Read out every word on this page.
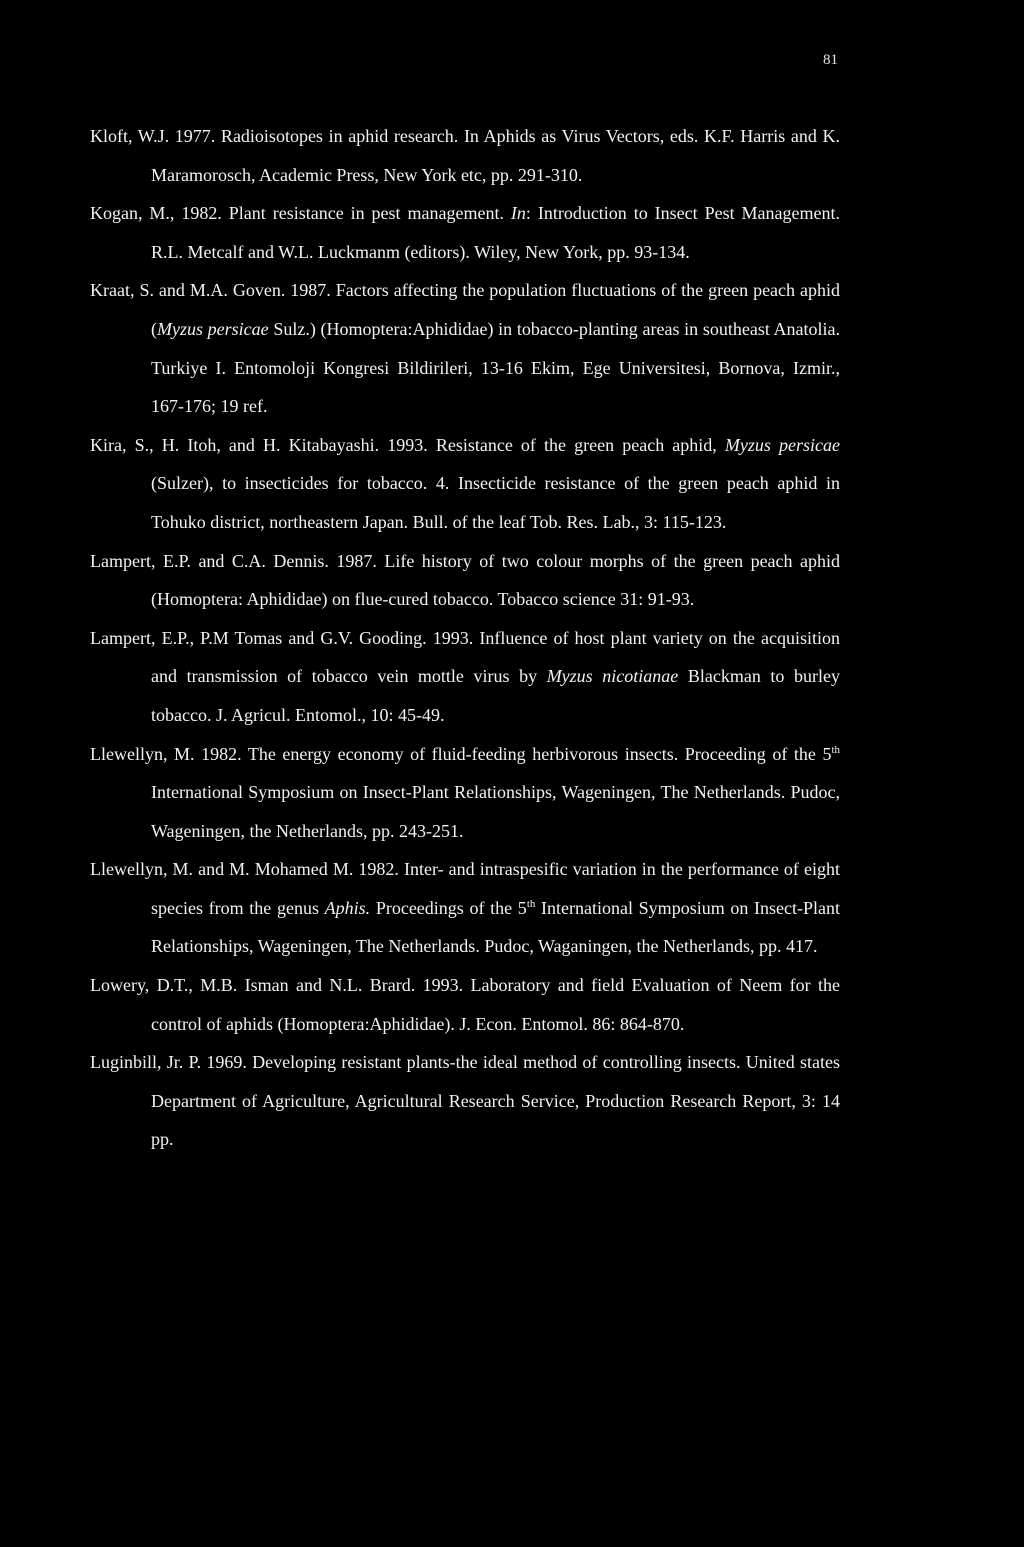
81

Kloft, W.J. 1977. Radioisotopes in aphid research. In Aphids as Virus Vectors, eds. K.F. Harris and K. Maramorosch, Academic Press, New York etc, pp. 291-310.

Kogan, M., 1982. Plant resistance in pest management. In: Introduction to Insect Pest Management. R.L. Metcalf and W.L. Luckmanm (editors). Wiley, New York, pp. 93-134.

Kraat, S. and M.A. Goven. 1987. Factors affecting the population fluctuations of the green peach aphid (Myzus persicae Sulz.) (Homoptera:Aphididae) in tobacco-planting areas in southeast Anatolia. Turkiye I. Entomoloji Kongresi Bildirileri, 13-16 Ekim, Ege Universitesi, Bornova, Izmir., 167-176; 19 ref.

Kira, S., H. Itoh, and H. Kitabayashi. 1993. Resistance of the green peach aphid, Myzus persicae (Sulzer), to insecticides for tobacco. 4. Insecticide resistance of the green peach aphid in Tohuko district, northeastern Japan. Bull. of the leaf Tob. Res. Lab., 3: 115-123.

Lampert, E.P. and C.A. Dennis. 1987. Life history of two colour morphs of the green peach aphid (Homoptera: Aphididae) on flue-cured tobacco. Tobacco science 31: 91-93.

Lampert, E.P., P.M Tomas and G.V. Gooding. 1993. Influence of host plant variety on the acquisition and transmission of tobacco vein mottle virus by Myzus nicotianae Blackman to burley tobacco. J. Agricul. Entomol., 10: 45-49.

Llewellyn, M. 1982. The energy economy of fluid-feeding herbivorous insects. Proceeding of the 5th International Symposium on Insect-Plant Relationships, Wageningen, The Netherlands. Pudoc, Wageningen, the Netherlands, pp. 243-251.

Llewellyn, M. and M. Mohamed M. 1982. Inter- and intraspesific variation in the performance of eight species from the genus Aphis. Proceedings of the 5th International Symposium on Insect-Plant Relationships, Wageningen, The Netherlands. Pudoc, Waganingen, the Netherlands, pp. 417.

Lowery, D.T., M.B. Isman and N.L. Brard. 1993. Laboratory and field Evaluation of Neem for the control of aphids (Homoptera:Aphididae). J. Econ. Entomol. 86: 864-870.

Luginbill, Jr. P. 1969. Developing resistant plants-the ideal method of controlling insects. United states Department of Agriculture, Agricultural Research Service, Production Research Report, 3: 14 pp.
